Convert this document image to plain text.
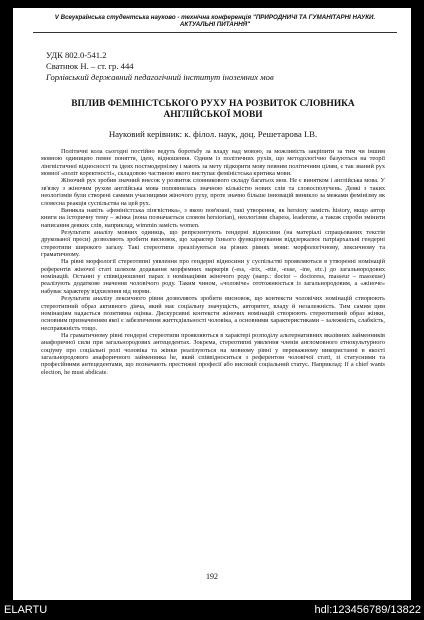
V Всеукраїнська студентська науково - технічна конференція "ПРИРОДНИЧІ ТА ГУМАНІТАРНІ НАУКИ.
АКТУАЛЬНІ ПИТАННЯ"
УДК 802.0-541.2
Сватнюк Н. – ст. гр. 444
Горлівський державний педагогічний інститут іноземних мов
ВПЛИВ ФЕМІНІСТСЬКОГО РУХУ НА РОЗВИТОК СЛОВНИКА АНГЛІЙСЬКОЇ МОВИ
Науковий керівник: к. філол. наук, доц. Решетарова І.В.

Політичні кола сьогодні постійно ведуть боротьбу за владу над мовою, за можливість закріпити за тим чи іншим мовною одиницею певне поняття, ідею, відношення. Одним із політичних рухів, що методологічно базуються на теорії лінгвістичної відносності та ідеях постмодернізму і мають за мету підкорити мову певним політичним цілям, є так званий рух мовної «політ коректності», складовою частиною якого виступає феміністська критика мови.

Жіночий рух зробив значний внесок у розвиток словникового складу багатьох мов. Не є винятком і англійська мова. У зв'язку з жіночим рухом англійська мова поповнилась значною кількістю нових слів та словосполучень. Деякі з таких неологізмів були створені самими учасницями жіночого руху, проте значно більше інновацій виникло за межами фемінізму як словесна реакція суспільства на цей рух.

Виникла навіть «феміністська лінгвістика», з якою пов'язані, такі утворення, як herstory замість history, якщо автор книги на історичну тему – жінка (вона позначається словом herstorian), неологізми chapess, leaderene, а також спроби змінити написання деяких слів, наприклад, wimmin замість women.

Результати аналізу мовних одиниць, що репрезентують гендерні відносини (на матеріалі спрацьованих текстів друкованої преси) дозволяють зробити висновок, що характер їхнього функціонування віддзеркалює патріархальні гендерні стереотипи широкого загалу. Такі стереотипи зреалізуються на різних рівнях мови: морфологічному, лексичному та граматичному.

На рівні морфології стереотипні уявлення про гендерні відносини у суспільстві проявляються в утворенні номінацій референтів жіночої статі шляхом додавання морфемних маркерів (-ess, -trix, -ette, -euse, -ine, etc.) до загальнородових номінацій. Останні у співвідношенні парах з номінаціями жіночого роду (напр.: doctor – doctoress, masseur – masseuse) реалізують додаткове значення чоловічого роду. Таким чином, «чоловіче» ототожнюється із загальнородовим, а «жіноче» набуває характеру відхилення від норми.

Результати аналізу лексичного рівня дозволяють зробити висновок, що контексти чоловічих номінацій створюють стереотипний образ активного діяча, який має соціальну значущість, авторитет, владу й незалежність. Тим самим цим номінаціям надається позитивна оцінка. Дискурсивні контексти жіночих номінацій створюють стереотипний образ жінки, основним призначенням якої є забезпечення життєдіяльності чоловіка, а основними характеристиками – залежність, слабкість, несправжність тощо.

На граматичному рівні гендерні стереотипи проявляються в характері розподілу альтернативних вказівних займенників анафоричної сили при загальнородових антецедентах. Зокрема, стереотипні уявлення членів англомовного етнокультурного соціуму про соціальні ролі чоловіка та жінки реалізуються на мовному рівні у переважному використанні в якості загальнородового анафоричного займенника he, який співвідноситься з референтом чоловічої статі, зі статусними та професійними антецедентами, що позначають престижні професії або високий соціальний статус. Наприклад: If a chief wants election, he must abdicate.

192
ELARTU	hdl:123456789/13822
